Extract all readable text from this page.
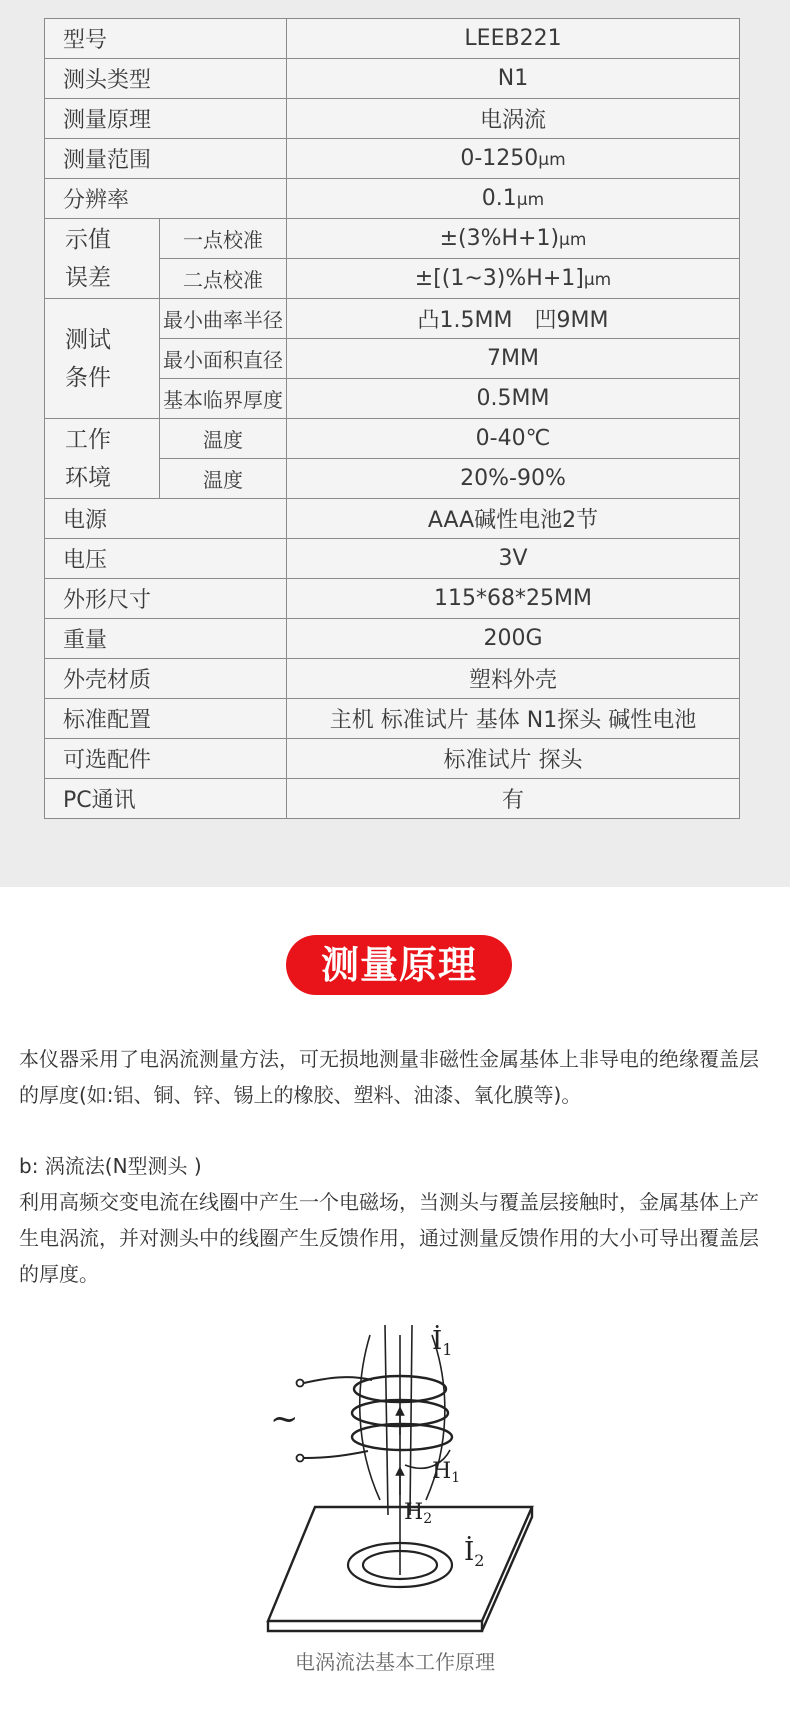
型号		LEEB221
测头类型		N1
测量原理		电涡流
测量范围		0-1250μm
分辨率		0.1μm
示值
误差	一点校准	±(3%H+1)μm
	二点校准	±[(1~3)%H+1]μm
测试
条件	最小曲率半径	凸1.5MM　凹9MM
	最小面积直径	7MM
	基本临界厚度	0.5MM
工作
环境	温度	0-40℃
	温度	20%-90%
电源		AAA碱性电池2节
电压		3V
外形尺寸		115*68*25MM
重量		200G
外壳材质		塑料外壳
标准配置		主机 标准试片 基体 N1探头 碱性电池
可选配件		标准试片 探头
PC通讯		有
测量原理

本仪器采用了电涡流测量方法，可无损地测量非磁性金属基体上非导电的绝缘覆盖层的厚度(如:铝、铜、锌、锡上的橡胶、塑料、油漆、氧化膜等)。

b: 涡流法(N型测头 )

利用高频交变电流在线圈中产生一个电磁场，当测头与覆盖层接触时，金属基体上产生电涡流，并对测头中的线圈产生反馈作用，通过测量反馈作用的大小可导出覆盖层的厚度。

~
$İ_1$
H1
H2
$İ_2$
电涡流法基本工作原理
